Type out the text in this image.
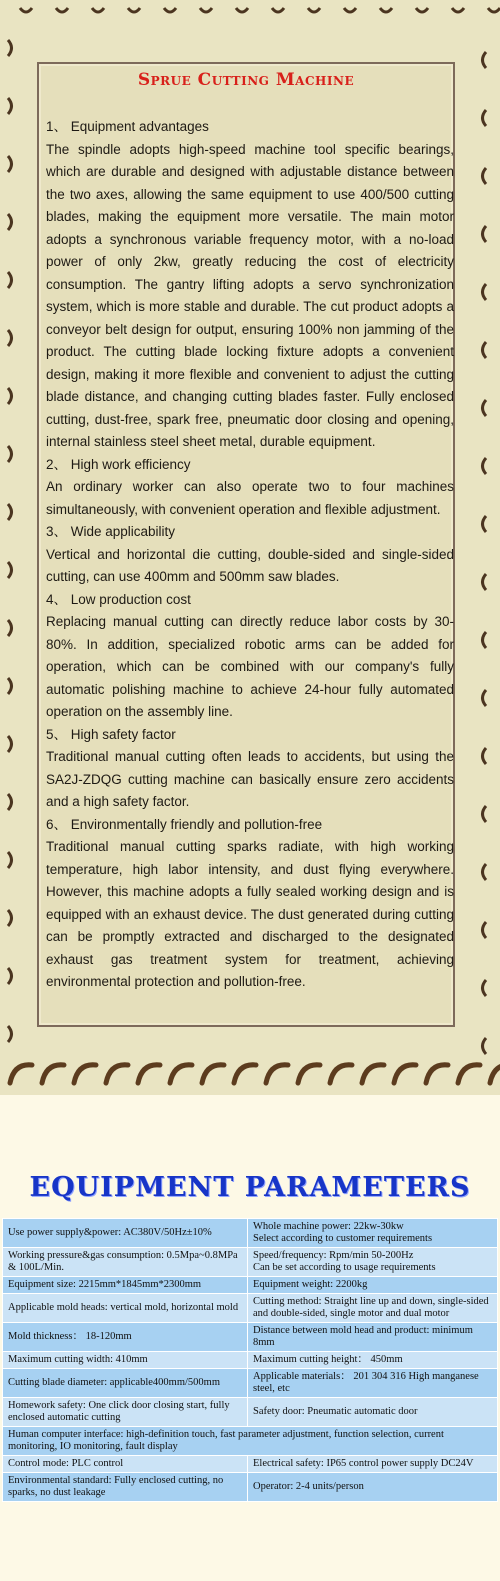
Sprue Cutting Machine

1、 Equipment advantages

The spindle adopts high-speed machine tool specific bearings, which are durable and designed with adjustable distance between the two axes, allowing the same equipment to use 400/500 cutting blades, making the equipment more versatile. The main motor adopts a synchronous variable frequency motor, with a no-load power of only 2kw, greatly reducing the cost of electricity consumption. The gantry lifting adopts a servo synchronization system, which is more stable and durable. The cut product adopts a conveyor belt design for output, ensuring 100% non jamming of the product. The cutting blade locking fixture adopts a convenient design, making it more flexible and convenient to adjust the cutting blade distance, and changing cutting blades faster. Fully enclosed cutting, dust-free, spark free, pneumatic door closing and opening, internal stainless steel sheet metal, durable equipment.

2、 High work efficiency

An ordinary worker can also operate two to four machines simultaneously, with convenient operation and flexible adjustment.

3、 Wide applicability

Vertical and horizontal die cutting, double-sided and single-sided cutting, can use 400mm and 500mm saw blades.

4、 Low production cost

Replacing manual cutting can directly reduce labor costs by 30-80%. In addition, specialized robotic arms can be added for operation, which can be combined with our company's fully automatic polishing machine to achieve 24-hour fully automated operation on the assembly line.

5、 High safety factor

Traditional manual cutting often leads to accidents, but using the SA2J-ZDQG cutting machine can basically ensure zero accidents and a high safety factor.

6、 Environmentally friendly and pollution-free

Traditional manual cutting sparks radiate, with high working temperature, high labor intensity, and dust flying everywhere. However, this machine adopts a fully sealed working design and is equipped with an exhaust device. The dust generated during cutting can be promptly extracted and discharged to the designated exhaust gas treatment system for treatment, achieving environmental protection and pollution-free.

EQUIPMENT PARAMETERS
Use power supply&power: AC380V/50Hz±10%	Whole machine power: 22kw-30kw
Select according to customer requirements
Working pressure&gas consumption: 0.5Mpa~0.8MPa & 100L/Min.	Speed/frequency: Rpm/min 50-200Hz
Can be set according to usage requirements
Equipment size: 2215mm*1845mm*2300mm	Equipment weight: 2200kg
Applicable mold heads: vertical mold, horizontal mold	Cutting method: Straight line up and down, single-sided and double-sided, single motor and dual motor
Mold thickness： 18-120mm	Distance between mold head and product: minimum 8mm
Maximum cutting width: 410mm	Maximum cutting height： 450mm
Cutting blade diameter: applicable400mm/500mm	Applicable materials： 201 304 316 High manganese steel, etc
Homework safety: One click door closing start, fully enclosed automatic cutting	Safety door: Pneumatic automatic door
Human computer interface: high-definition touch, fast parameter adjustment, function selection, current monitoring, IO monitoring, fault display	
Control mode: PLC control	Electrical safety: IP65 control power supply DC24V
Environmental standard: Fully enclosed cutting, no sparks, no dust leakage	Operator: 2-4 units/person
